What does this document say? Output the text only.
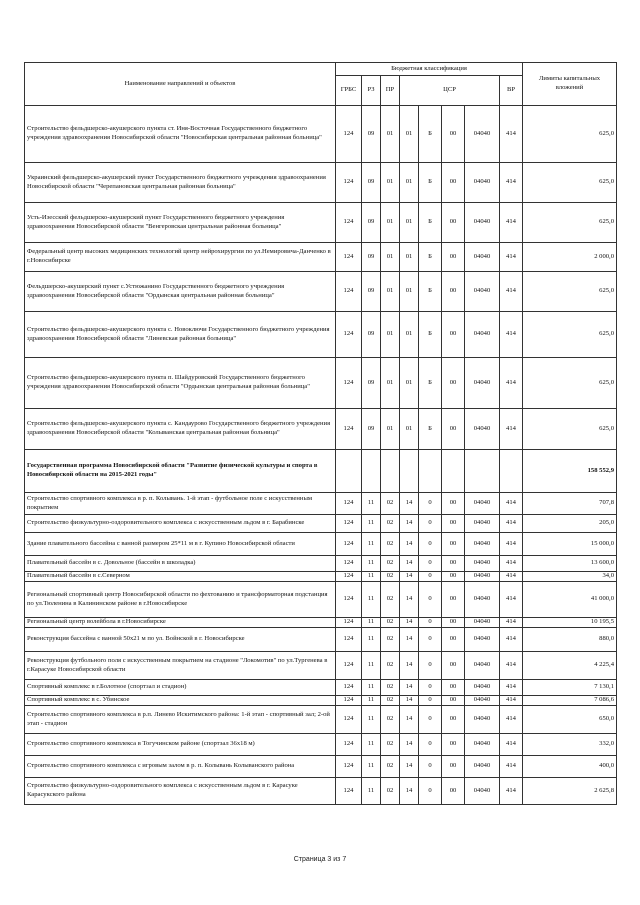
Наименование направлений и объектов	Бюджетная классификация								Лимиты капитальных вложений
	ГРБС	РЗ	ПР	ЦСР				ВР	
Строительство фельдшерско-акушерского пункта ст. Иня-Восточная Государственного бюджетного учреждения здравоохранения Новосибирской области "Новосибирская центральная районная больница"	124	09	01	01	Б	00	04040	414	625,0
Украинский фельдшерско-акушерский пункт Государственного бюджетного учреждения здравоохранения Новосибирской области "Черепановская центральная районная больница"	124	09	01	01	Б	00	04040	414	625,0
Усть-Изесский фельдшерско-акушерский пункт Государственного бюджетного учреждения здравоохранения Новосибирской области "Венгеровская центральная районная больница"	124	09	01	01	Б	00	04040	414	625,0
Федеральный центр высоких медицинских технологий центр нейрохирургии по ул.Немировича-Данченко в г.Новосибирске	124	09	01	01	Б	00	04040	414	2 000,0
Фельдшерско-акушерский пункт с.Устюжанино Государственного бюджетного учреждения здравоохранения Новосибирской области "Ордынская центральная районная больница"	124	09	01	01	Б	00	04040	414	625,0
Строительство фельдшерско-акушерского пункта с. Новоключи Государственного бюджетного учреждения здравоохранения Новосибирской области "Линевская районная больница"	124	09	01	01	Б	00	04040	414	625,0
Строительство фельдшерско-акушерского пункта п. Шайдуровский Государственного бюджетного учреждения здравоохранения Новосибирской области "Ордынская центральная районная больница"	124	09	01	01	Б	00	04040	414	625,0
Строительство фельдшерско-акушерского пункта с. Кандаурово Государственного бюджетного учреждения здравоохранения Новосибирской области "Колыванская центральная районная больница"	124	09	01	01	Б	00	04040	414	625,0
Государственная программа Новосибирской области "Развитие физической культуры и спорта в Новосибирской области на 2015-2021 годы"									158 552,9
Строительство спортивного комплекса в р. п. Колывань. 1-й этап - футбольное поле с искусственным покрытием	124	11	02	14	0	00	04040	414	707,8
Строительство физкультурно-оздоровительного комплекса с искусственным льдом в г. Барабинске	124	11	02	14	0	00	04040	414	205,0
Здание плавательного бассейна с ванной размером 25*11 м в г. Купино Новосибирской области	124	11	02	14	0	00	04040	414	15 000,0
Плавательный бассейн в с. Довольное (бассейн в школадка)	124	11	02	14	0	00	04040	414	13 600,0
Плавательный бассейн в с.Северном	124	11	02	14	0	00	04040	414	34,0
Региональный спортивный центр Новосибирской области по фехтованию и трансформаторная подстанция по ул.Тюленина в Калининском районе в г.Новосибирске	124	11	02	14	0	00	04040	414	41 000,0
Региональный центр волейбола в г.Новосибирске	124	11	02	14	0	00	04040	414	10 195,5
Реконструкция бассейна с ванной 50х21 м по ул. Войнской в г. Новосибирске	124	11	02	14	0	00	04040	414	880,0
Реконструкция футбольного поля с искусственным покрытием на стадионе "Локомотив" по ул.Тургенева в г.Карасуке Новосибирской области	124	11	02	14	0	00	04040	414	4 225,4
Спортивный комплекс в г.Болотное (спортзал и стадион)	124	11	02	14	0	00	04040	414	7 130,1
Спортивный комплекс в с. Убинское	124	11	02	14	0	00	04040	414	7 086,6
Строительство спортивного комплекса в р.п. Линево Искитимского района: 1-й этап - спортивный зал; 2-ой этап - стадион	124	11	02	14	0	00	04040	414	650,0
Строительство спортивного комплекса в Тогучинском районе (спортзал 36х18 м)	124	11	02	14	0	00	04040	414	332,0
Строительство спортивного комплекса с игровым залом в р. п. Колывань Колыванского района	124	11	02	14	0	00	04040	414	400,0
Строительство физкультурно-оздоровительного комплекса с искусственным льдом в г. Карасуке Карасукского района	124	11	02	14	0	00	04040	414	2 625,8
Страница 3 из 7
